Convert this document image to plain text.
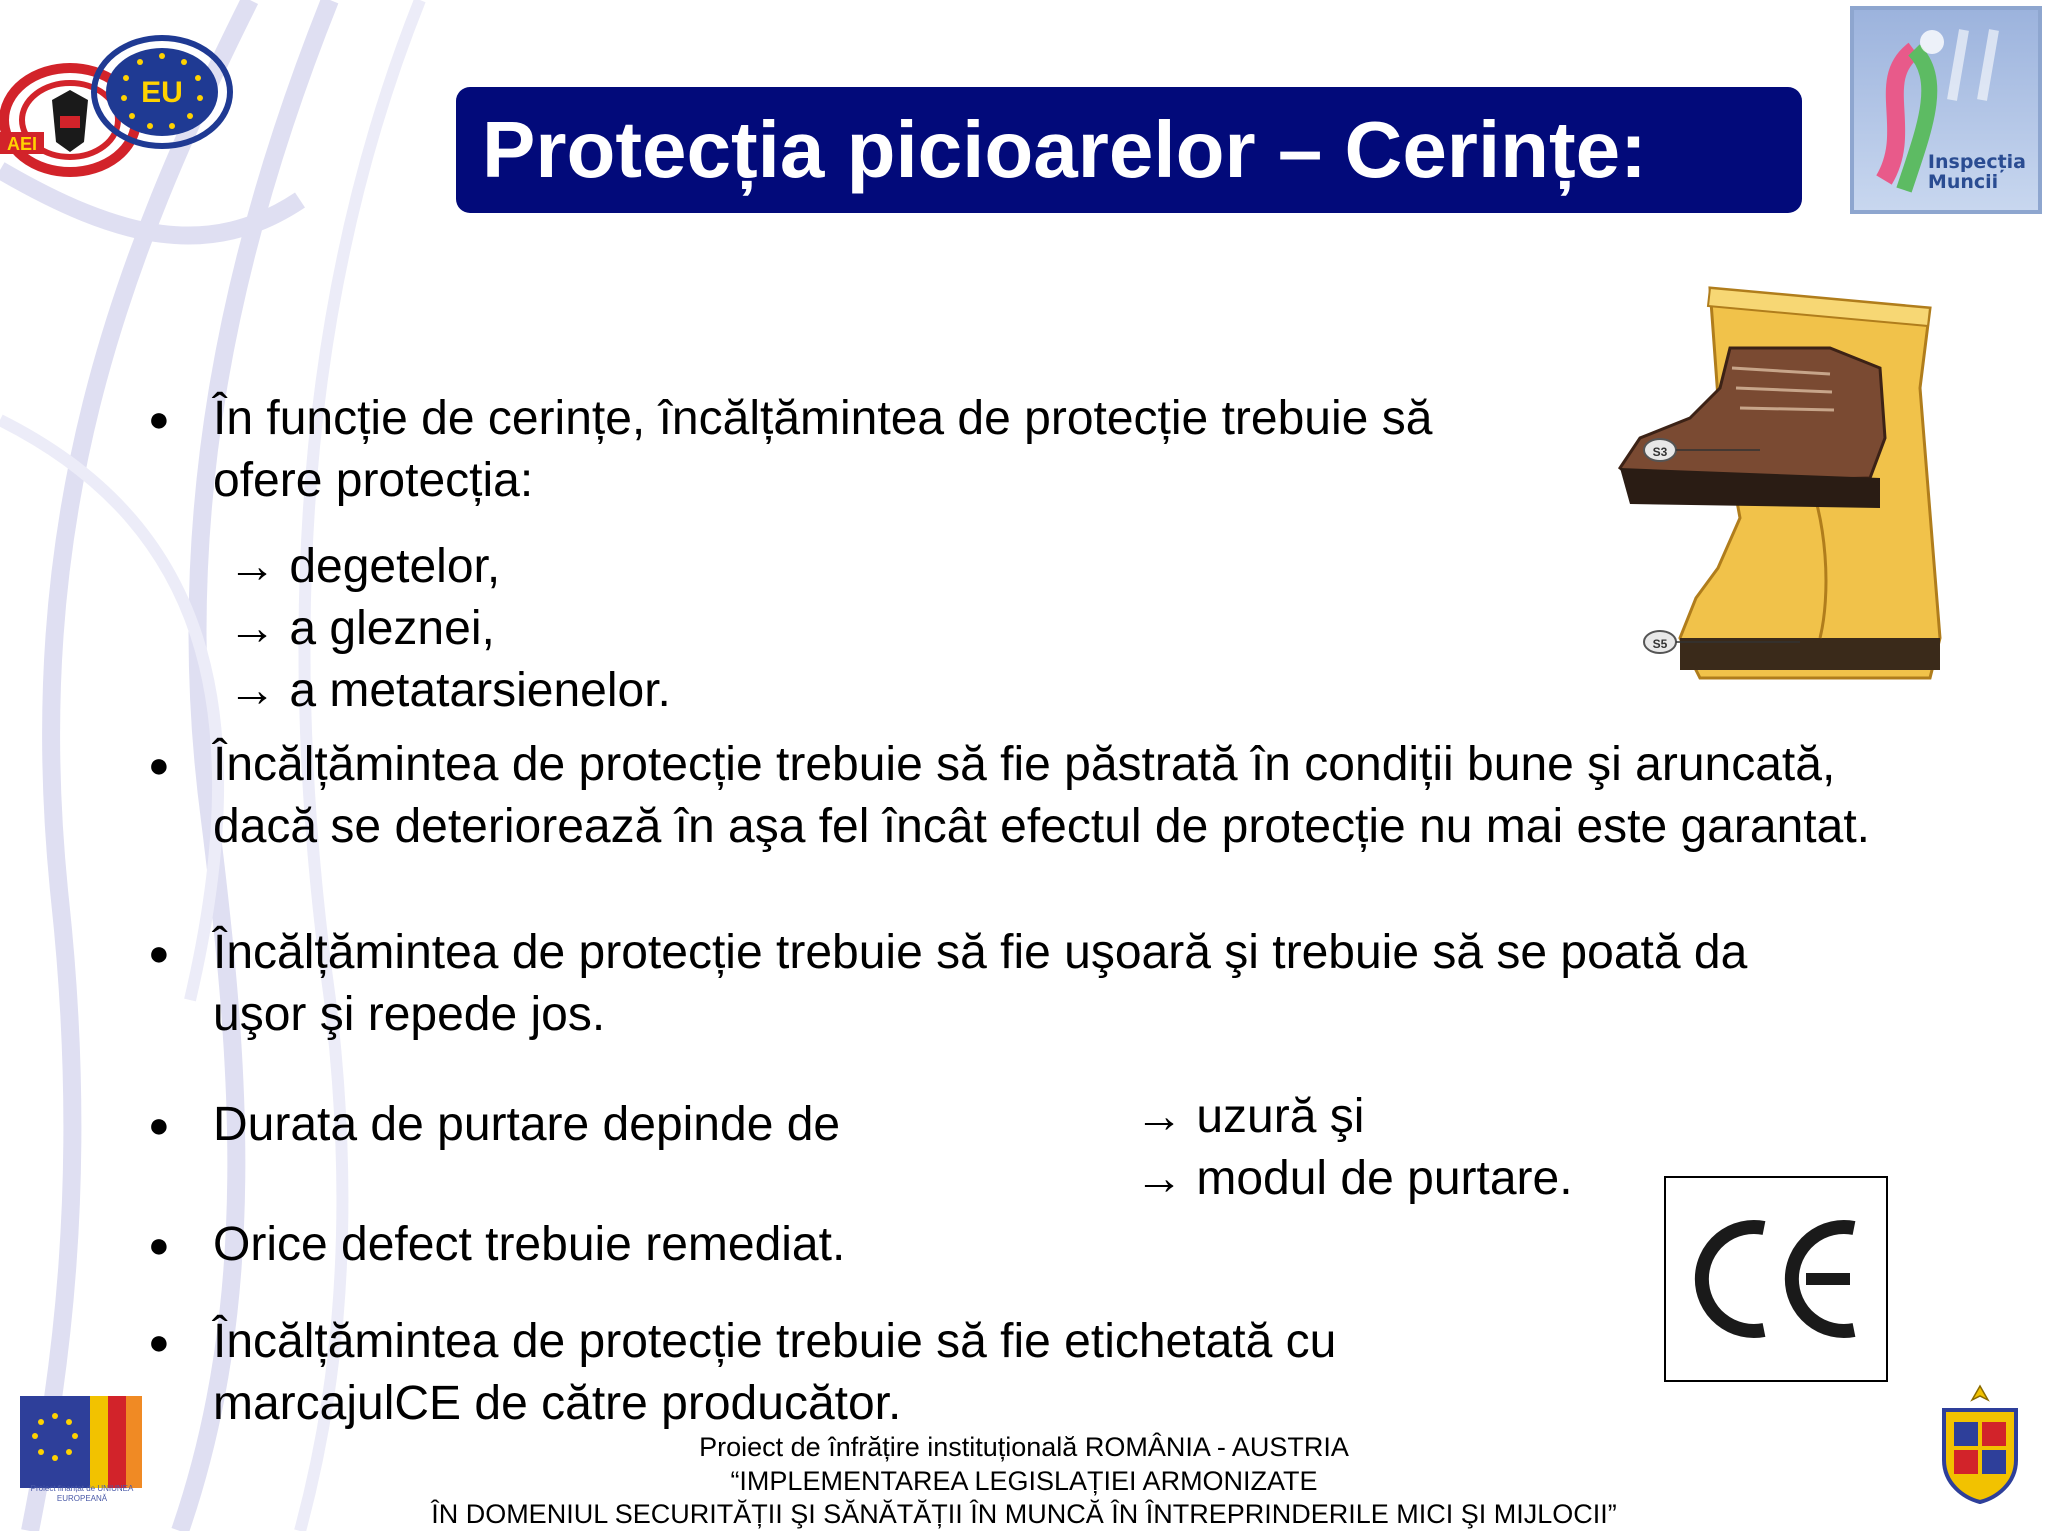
EU
AEI	Protecția picioarelor – Cerințe:	Inspecția
Muncii
S3
S5
● În funcție de cerințe, încălțămintea de protecție trebuie să
ofere protecția:
→ degetelor,
→ a gleznei,
→ a metatarsienelor.
● Încălțămintea de protecție trebuie să fie păstrată în condiții bune şi aruncată,
dacă se deteriorează în aşa fel încât efectul de protecție nu mai este garantat.
● Încălțămintea de protecție trebuie să fie uşoară şi trebuie să se poată da
uşor şi repede jos.
● Durata de purtare depinde de	→ uzură şi
→ modul de purtare.
● Orice defect trebuie remediat.
● Încălțămintea de protecție trebuie să fie etichetată cu
marcajulCE de către producător.
Proiect finanțat de UNIUNEA EUROPEANĂ
Proiect de înfrățire instituțională ROMÂNIA - AUSTRIA
“IMPLEMENTAREA LEGISLAȚIEI ARMONIZATE
ÎN DOMENIUL SECURITĂȚII ŞI SĂNĂTĂȚII ÎN MUNCĂ ÎN ÎNTREPRINDERILE MICI ŞI MIJLOCII”
